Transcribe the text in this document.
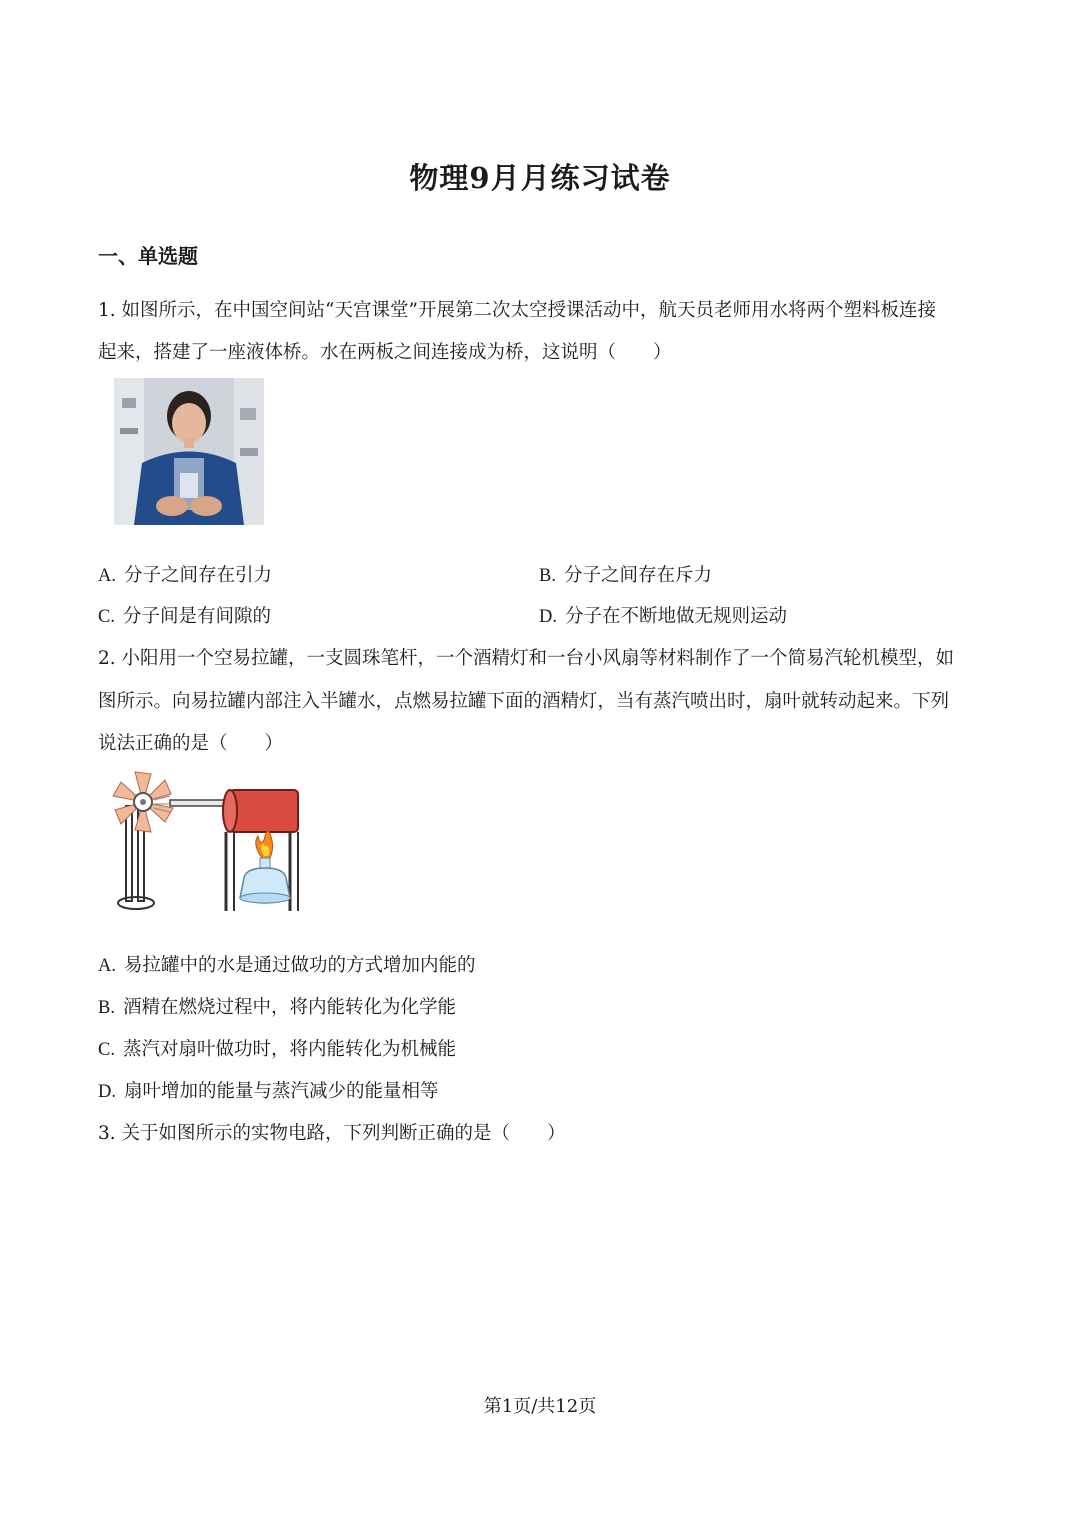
物理9月月练习试卷
一、单选题
1. 如图所示，在中国空间站“天宫课堂”开展第二次太空授课活动中，航天员老师用水将两个塑料板连接
起来，搭建了一座液体桥。水在两板之间连接成为桥，这说明（　　）
A. 分子之间存在引力	B. 分子之间存在斥力
C. 分子间是有间隙的	D. 分子在不断地做无规则运动
2. 小阳用一个空易拉罐，一支圆珠笔杆，一个酒精灯和一台小风扇等材料制作了一个简易汽轮机模型，如
图所示。向易拉罐内部注入半罐水，点燃易拉罐下面的酒精灯，当有蒸汽喷出时，扇叶就转动起来。下列
说法正确的是（　　）
A. 易拉罐中的水是通过做功的方式增加内能的
B. 酒精在燃烧过程中，将内能转化为化学能
C. 蒸汽对扇叶做功时，将内能转化为机械能
D. 扇叶增加的能量与蒸汽减少的能量相等
3. 关于如图所示的实物电路，下列判断正确的是（　　）
第1页/共12页
